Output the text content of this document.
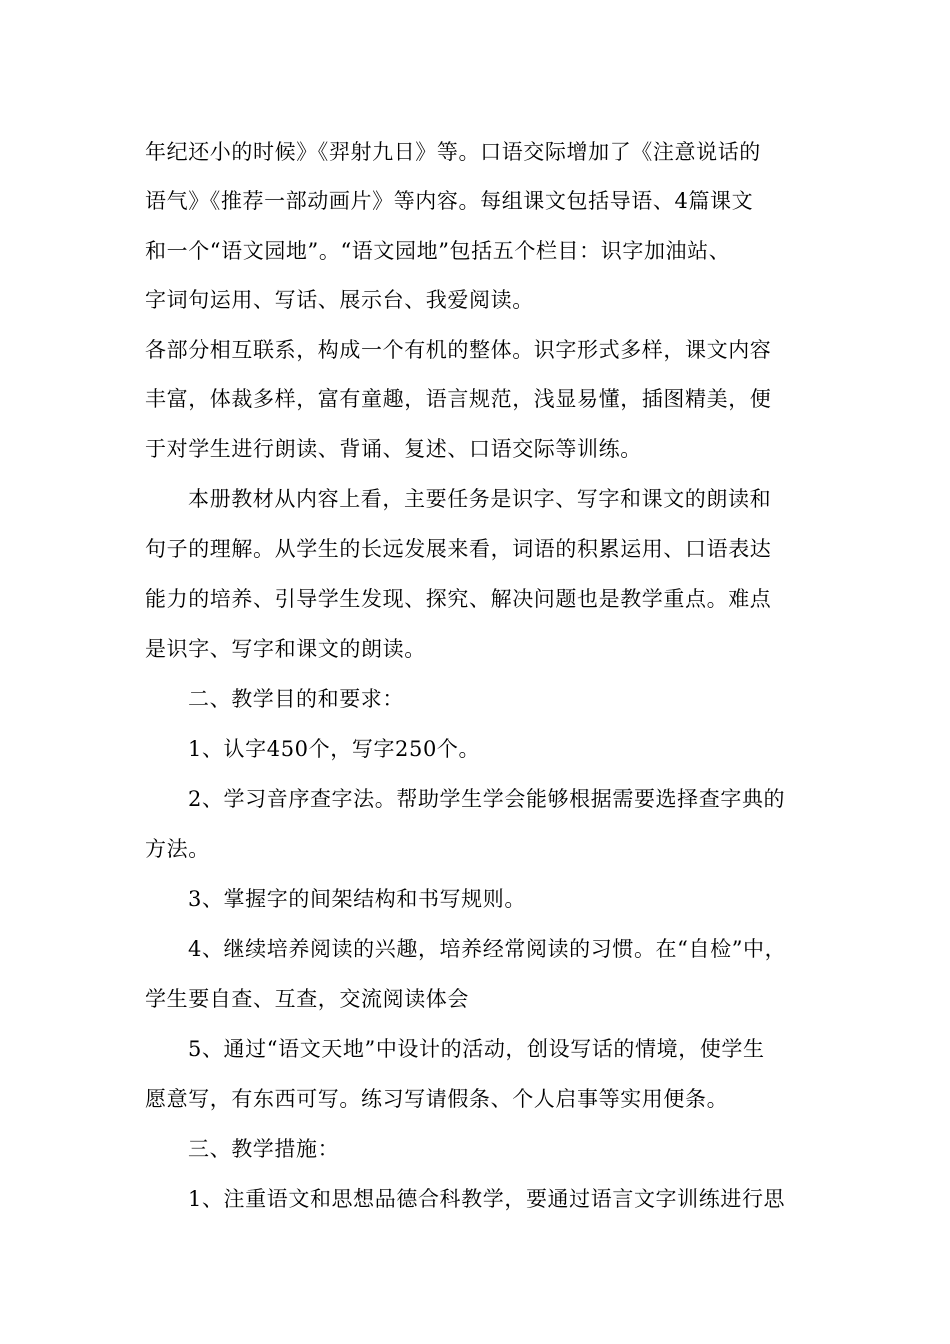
年纪还小的时候》《羿射九日》等。口语交际增加了《注意说话的
语气》《推荐一部动画片》等内容。每组课文包括导语、4篇课文
和一个“语文园地”。“语文园地”包括五个栏目：识字加油站、
字词句运用、写话、展示台、我爱阅读。
各部分相互联系，构成一个有机的整体。识字形式多样，课文内容
丰富，体裁多样，富有童趣，语言规范，浅显易懂，插图精美，便
于对学生进行朗读、背诵、复述、口语交际等训练。
本册教材从内容上看，主要任务是识字、写字和课文的朗读和
句子的理解。从学生的长远发展来看，词语的积累运用、口语表达
能力的培养、引导学生发现、探究、解决问题也是教学重点。难点
是识字、写字和课文的朗读。
二、教学目的和要求：
1、认字450个，写字250个。
2、学习音序查字法。帮助学生学会能够根据需要选择查字典的
方法。
3、掌握字的间架结构和书写规则。
4、继续培养阅读的兴趣，培养经常阅读的习惯。在“自检”中，
学生要自查、互查，交流阅读体会
5、通过“语文天地”中设计的活动，创设写话的情境，使学生
愿意写，有东西可写。练习写请假条、个人启事等实用便条。
三、教学措施：
1、注重语文和思想品德合科教学，要通过语言文字训练进行思
